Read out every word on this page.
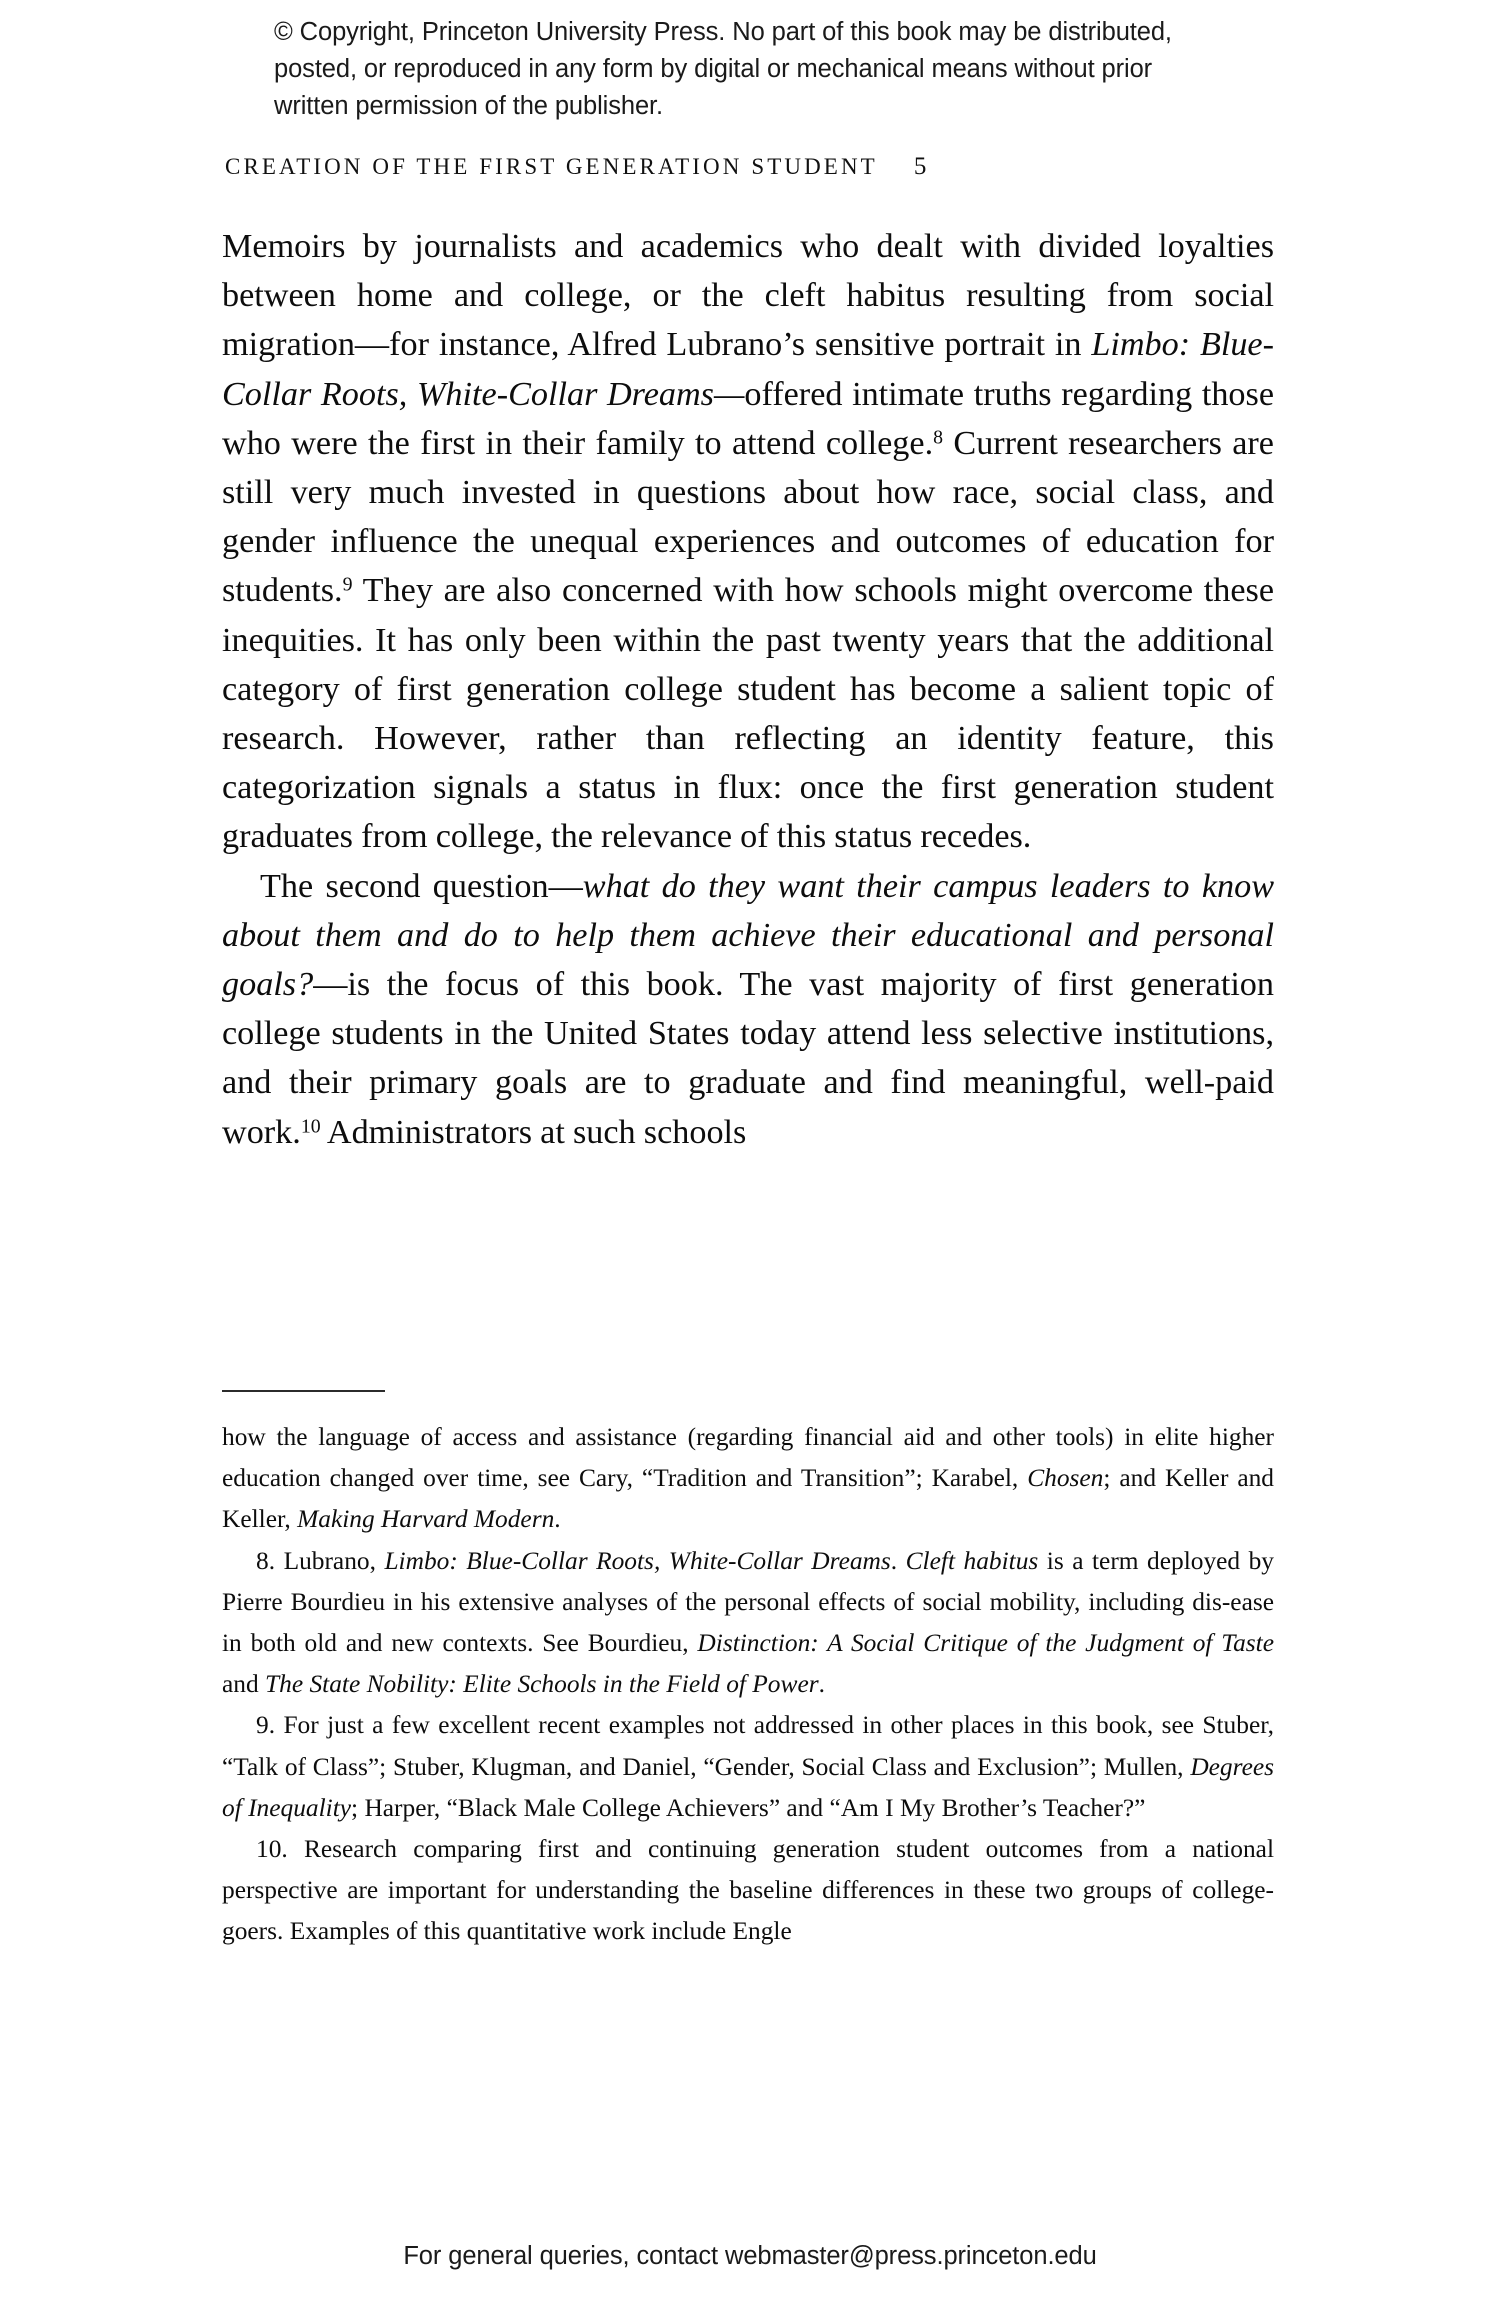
© Copyright, Princeton University Press. No part of this book may be distributed, posted, or reproduced in any form by digital or mechanical means without prior written permission of the publisher.
CREATION OF THE FIRST GENERATION STUDENT 5

Memoirs by journalists and academics who dealt with divided loyalties between home and college, or the cleft habitus resulting from social migration—for instance, Alfred Lubrano’s sensitive portrait in Limbo: Blue-Collar Roots, White-Collar Dreams—offered intimate truths regarding those who were the first in their family to attend college.$^8$ Current researchers are still very much invested in questions about how race, social class, and gender influence the unequal experiences and outcomes of education for students.$^9$ They are also concerned with how schools might overcome these inequities. It has only been within the past twenty years that the additional category of first generation college student has become a salient topic of research. However, rather than reflecting an identity feature, this categorization signals a status in flux: once the first generation student graduates from college, the relevance of this status recedes.

The second question—what do they want their campus leaders to know about them and do to help them achieve their educational and personal goals?—is the focus of this book. The vast majority of first generation college students in the United States today attend less selective institutions, and their primary goals are to graduate and find meaningful, well-paid work.$^{10}$ Administrators at such schools

how the language of access and assistance (regarding financial aid and other tools) in elite higher education changed over time, see Cary, “Tradition and Transition”; Karabel, Chosen; and Keller and Keller, Making Harvard Modern.

8. Lubrano, Limbo: Blue-Collar Roots, White-Collar Dreams. Cleft habitus is a term deployed by Pierre Bourdieu in his extensive analyses of the personal effects of social mobility, including dis-ease in both old and new contexts. See Bourdieu, Distinction: A Social Critique of the Judgment of Taste and The State Nobility: Elite Schools in the Field of Power.

9. For just a few excellent recent examples not addressed in other places in this book, see Stuber, “Talk of Class”; Stuber, Klugman, and Daniel, “Gender, Social Class and Exclusion”; Mullen, Degrees of Inequality; Harper, “Black Male College Achievers” and “Am I My Brother’s Teacher?”

10. Research comparing first and continuing generation student outcomes from a national perspective are important for understanding the baseline differences in these two groups of college-goers. Examples of this quantitative work include Engle

For general queries, contact webmaster@press.princeton.edu
